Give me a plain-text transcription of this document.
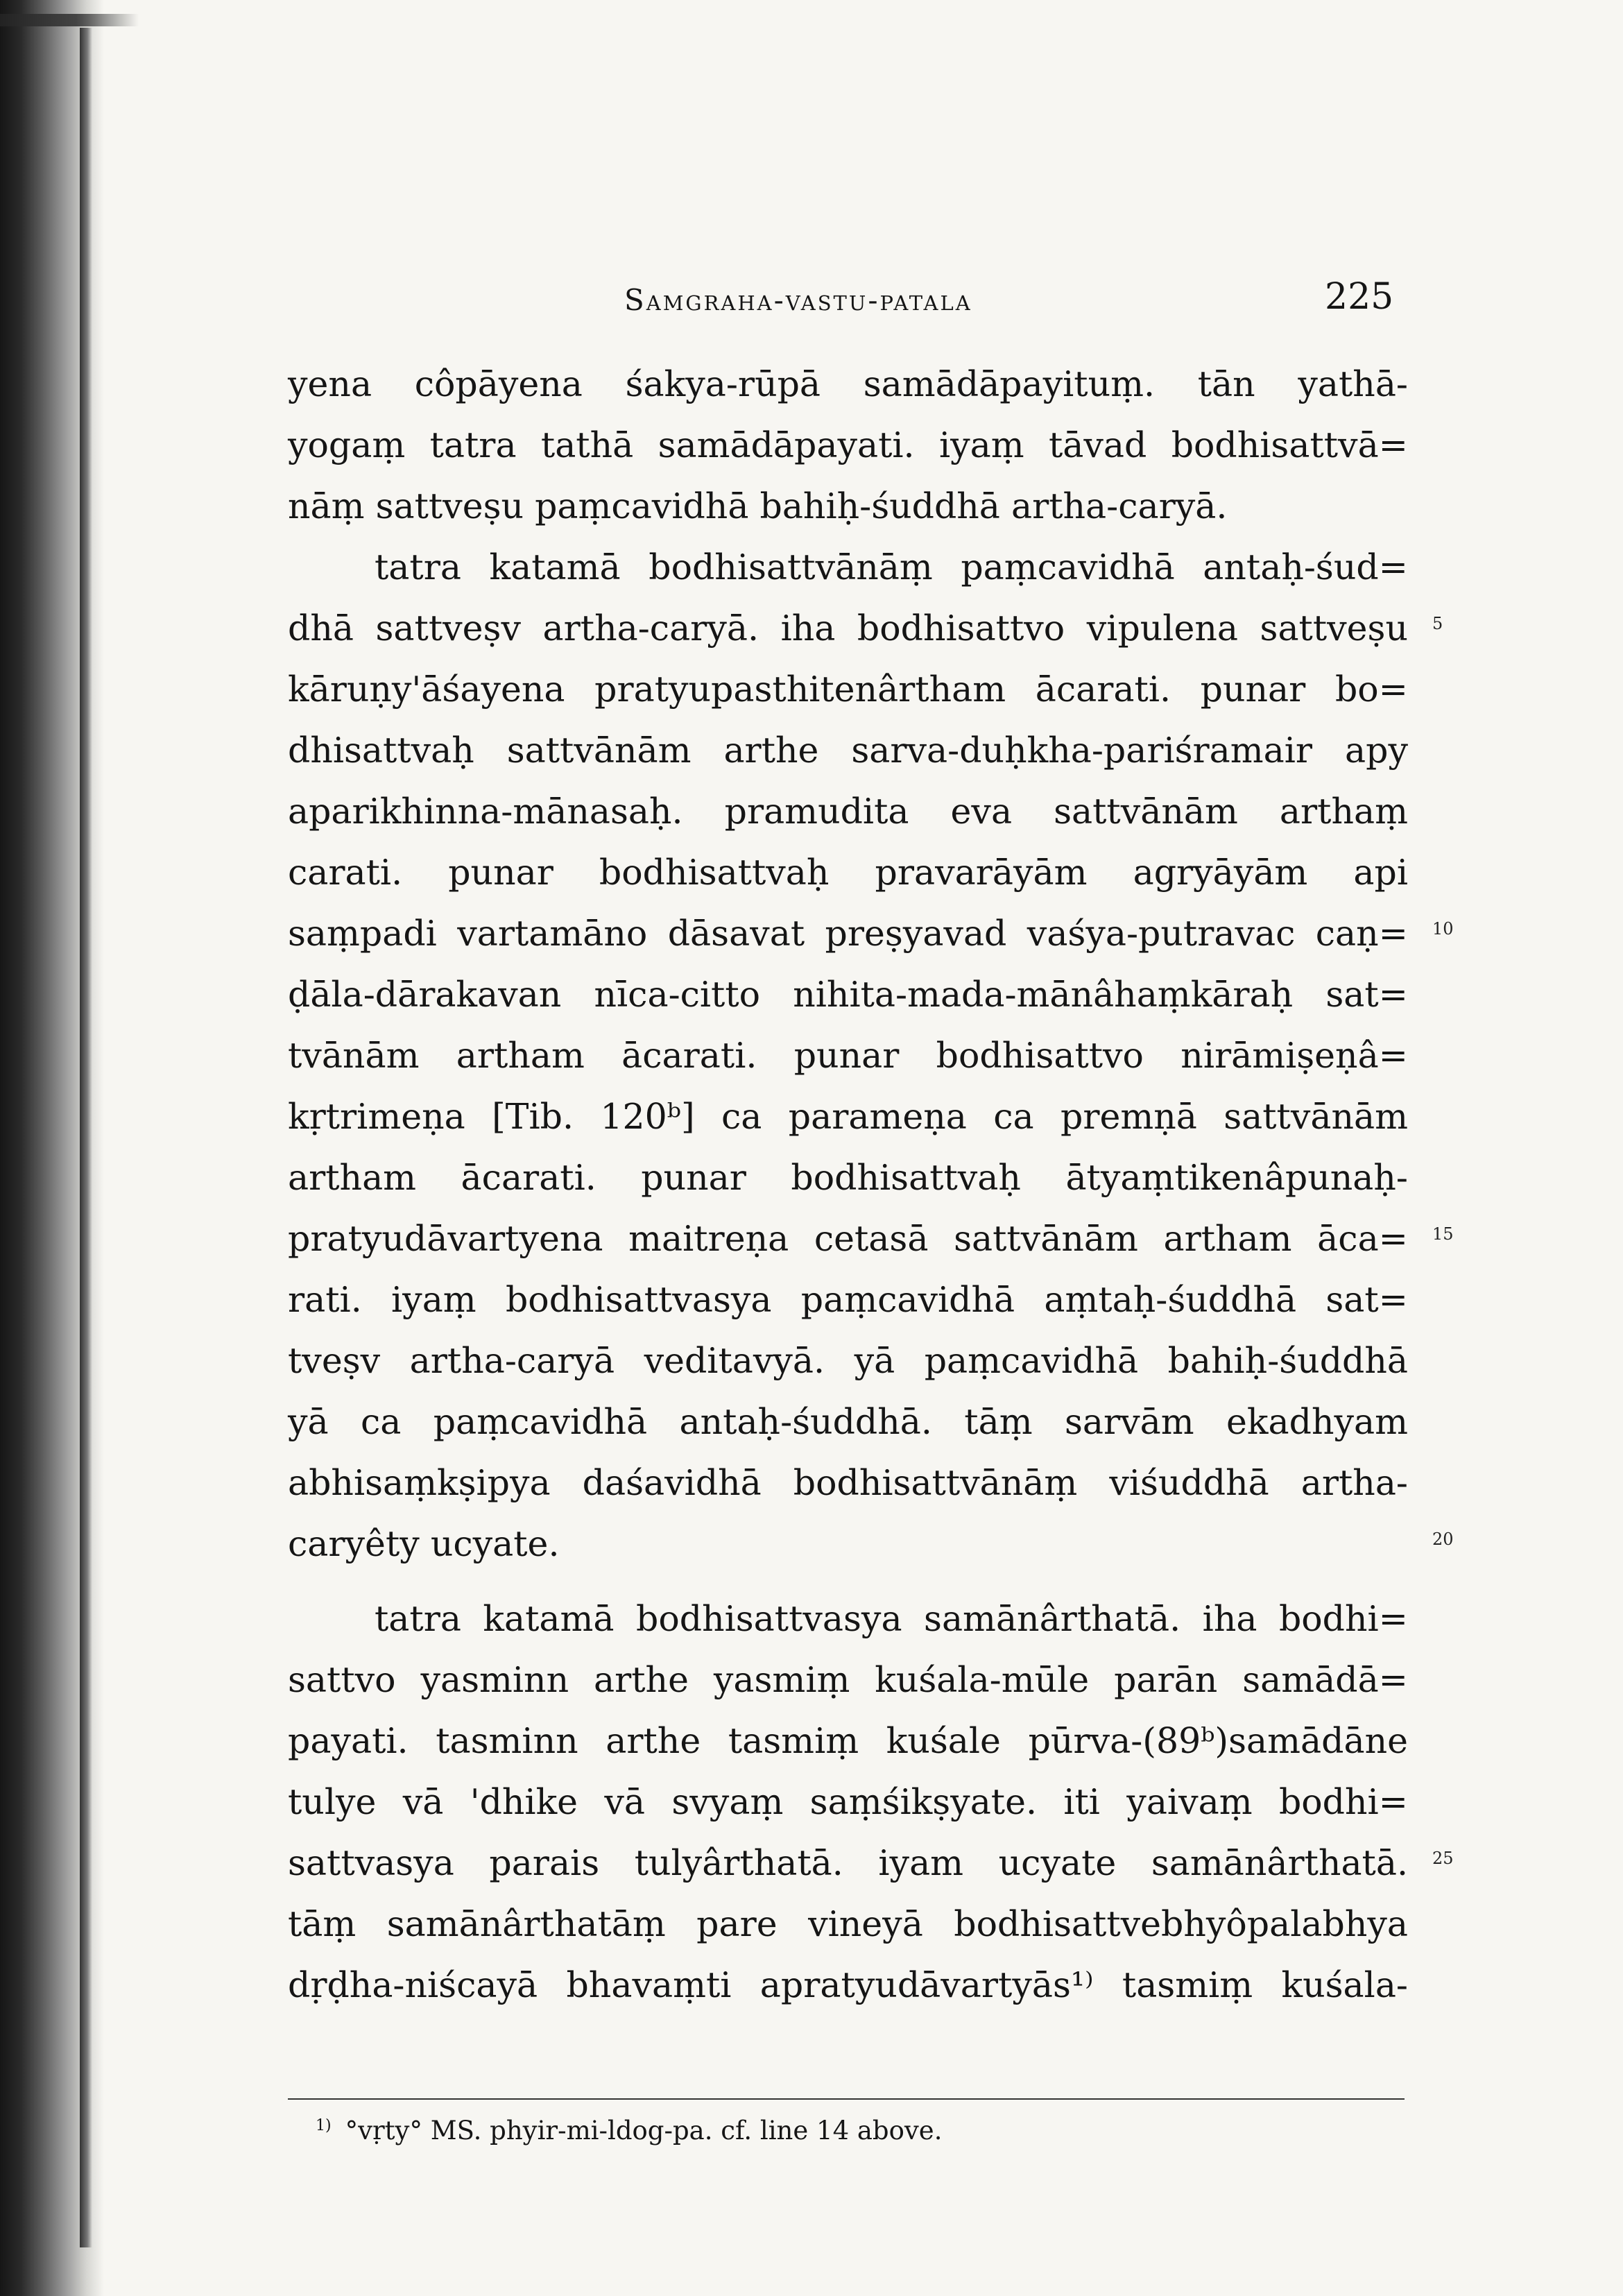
Samgraha-vastu-patala	225
yena côpāyena śakya-rūpā samādāpayituṃ. tān yathā-
yogaṃ tatra tathā samādāpayati. iyaṃ tāvad bodhisattvā=
nāṃ sattveṣu paṃcavidhā bahiḥ-śuddhā artha-caryā.
tatra katamā bodhisattvānāṃ paṃcavidhā antaḥ-śud=
dhā sattveṣv artha-caryā. iha bodhisattvo vipulena sattveṣu
kāruṇy'āśayena pratyupasthitenârtham ācarati. punar bo=
dhisattvaḥ sattvānām arthe sarva-duḥkha-pariśramair apy
aparikhinna-mānasaḥ. pramudita eva sattvānām arthaṃ
carati. punar bodhisattvaḥ pravarāyām agryāyām api
saṃpadi vartamāno dāsavat preṣyavad vaśya-putravac caṇ=
ḍāla-dārakavan nīca-citto nihita-mada-mānâhaṃkāraḥ sat=
tvānām artham ācarati. punar bodhisattvo nirāmiṣeṇâ=
kṛtrimeṇa [Tib. 120ᵇ] ca parameṇa ca premṇā sattvānām
artham ācarati. punar bodhisattvaḥ ātyaṃtikenâpunaḥ-
pratyudāvartyena maitreṇa cetasā sattvānām artham āca=
rati. iyaṃ bodhisattvasya paṃcavidhā aṃtaḥ-śuddhā sat=
tveṣv artha-caryā veditavyā. yā paṃcavidhā bahiḥ-śuddhā
yā ca paṃcavidhā antaḥ-śuddhā. tāṃ sarvām ekadhyam
abhisaṃkṣipya daśavidhā bodhisattvānāṃ viśuddhā artha-
caryêty ucyate.
tatra katamā bodhisattvasya samānârthatā. iha bodhi=
sattvo yasminn arthe yasmiṃ kuśala-mūle parān samādā=
payati. tasminn arthe tasmiṃ kuśale pūrva-(89ᵇ)samādāne
tulye vā 'dhike vā svyaṃ saṃśikṣyate. iti yaivaṃ bodhi=
sattvasya parais tulyârthatā. iyam ucyate samānârthatā.
tāṃ samānârthatāṃ pare vineyā bodhisattvebhyôpalabhya
dṛḍha-niścayā bhavaṃti apratyudāvartyās¹⁾ tasmiṃ kuśala-
5
10
15
20
25
$^{1)}$ °vṛty° MS. phyir-mi-ldog-pa. cf. line 14 above.
